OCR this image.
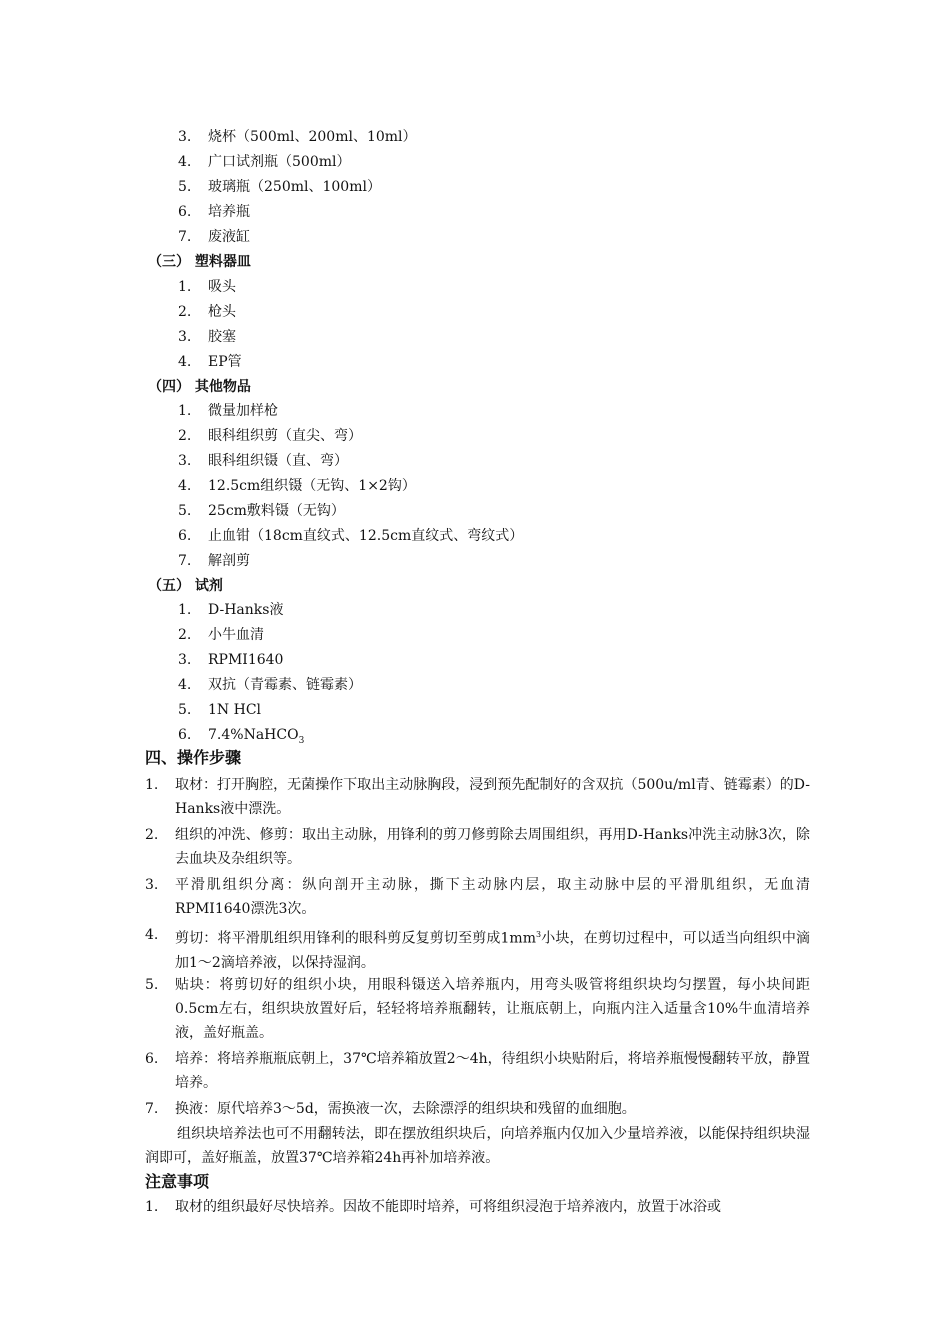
3. 烧杯（500ml、200ml、10ml）
4. 广口试剂瓶（500ml）
5. 玻璃瓶（250ml、100ml）
6. 培养瓶
7. 废液缸
（三） 塑料器皿
1. 吸头
2. 枪头
3. 胶塞
4. EP管
（四） 其他物品
1. 微量加样枪
2. 眼科组织剪（直尖、弯）
3. 眼科组织镊（直、弯）
4. 12.5cm组织镊（无钩、1×2钩）
5. 25cm敷料镊（无钩）
6. 止血钳（18cm直纹式、12.5cm直纹式、弯纹式）
7. 解剖剪
（五） 试剂
1. D-Hanks液
2. 小牛血清
3. RPMI1640
4. 双抗（青霉素、链霉素）
5. 1N HCl
6. 7.4%NaHCO$_3$
四、操作步骤
1.	取材：打开胸腔，无菌操作下取出主动脉胸段，浸到预先配制好的含双抗（500u/ml青、链霉素）的D-Hanks液中漂洗。
2.	组织的冲洗、修剪：取出主动脉，用锋利的剪刀修剪除去周围组织，再用D-Hanks冲洗主动脉3次，除去血块及杂组织等。
3.	平滑肌组织分离：纵向剖开主动脉，撕下主动脉内层，取主动脉中层的平滑肌组织，无血清RPMI1640漂洗3次。
4.	剪切：将平滑肌组织用锋利的眼科剪反复剪切至剪成$1mm^3$小块，在剪切过程中，可以适当向组织中滴加1～2滴培养液，以保持湿润。
5.	贴块：将剪切好的组织小块，用眼科镊送入培养瓶内，用弯头吸管将组织块均匀摆置，每小块间距0.5cm左右，组织块放置好后，轻轻将培养瓶翻转，让瓶底朝上，向瓶内注入适量含10%牛血清培养液，盖好瓶盖。
6.	培养：将培养瓶瓶底朝上，37℃培养箱放置2～4h，待组织小块贴附后，将培养瓶慢慢翻转平放，静置培养。
7.	换液：原代培养3～5d，需换液一次，去除漂浮的组织块和残留的血细胞。
组织块培养法也可不用翻转法，即在摆放组织块后，向培养瓶内仅加入少量培养液，以能保持组织块湿润即可，盖好瓶盖，放置37℃培养箱24h再补加培养液。
注意事项
1.	取材的组织最好尽快培养。因故不能即时培养，可将组织浸泡于培养液内，放置于冰浴或
